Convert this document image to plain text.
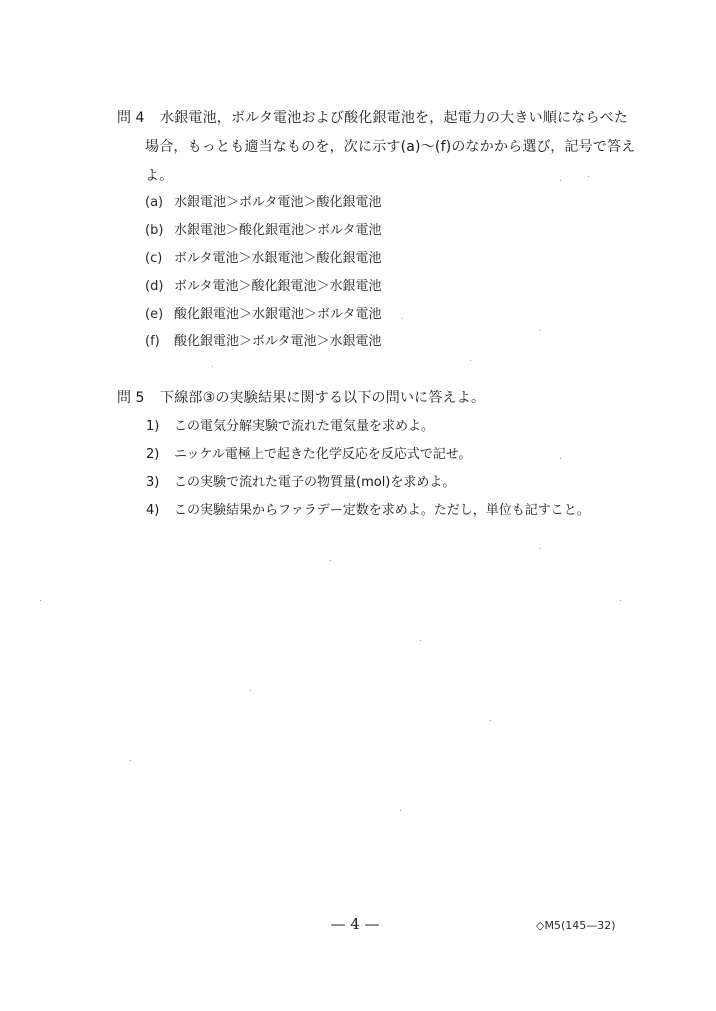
問 4 水銀電池，ボルタ電池および酸化銀電池を，起電力の大きい順にならべた
場合，もっとも適当なものを，次に示す(a)〜(f)のなかから選び，記号で答え
よ。
(a) 水銀電池＞ボルタ電池＞酸化銀電池
(b) 水銀電池＞酸化銀電池＞ボルタ電池
(c) ボルタ電池＞水銀電池＞酸化銀電池
(d) ボルタ電池＞酸化銀電池＞水銀電池
(e) 酸化銀電池＞水銀電池＞ボルタ電池
(f) 酸化銀電池＞ボルタ電池＞水銀電池
問 5 下線部③の実験結果に関する以下の問いに答えよ。
1) この電気分解実験で流れた電気量を求めよ。
2) ニッケル電極上で起きた化学反応を反応式で記せ。
3) この実験で流れた電子の物質量(mol)を求めよ。
4) この実験結果からファラデー定数を求めよ。ただし，単位も記すこと。
— 4 —	◇M5(145—32)
